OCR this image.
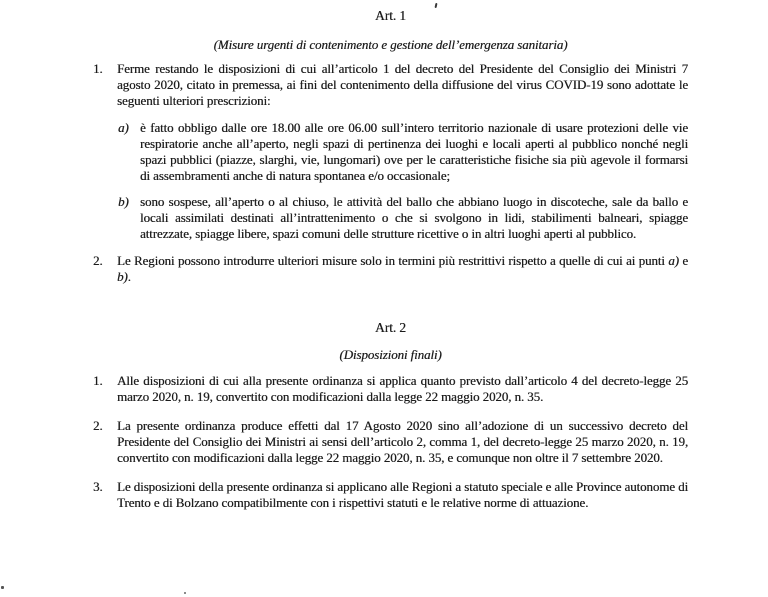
Art. 1

(Misure urgenti di contenimento e gestione dell’emergenza sanitaria)

1. Ferme restando le disposizioni di cui all’articolo 1 del decreto del Presidente del Consiglio dei Ministri 7 agosto 2020, citato in premessa, ai fini del contenimento della diffusione del virus COVID-19 sono adottate le seguenti ulteriori prescrizioni:
a) è fatto obbligo dalle ore 18.00 alle ore 06.00 sull’intero territorio nazionale di usare protezioni delle vie respiratorie anche all’aperto, negli spazi di pertinenza dei luoghi e locali aperti al pubblico nonché negli spazi pubblici (piazze, slarghi, vie, lungomari) ove per le caratteristiche fisiche sia più agevole il formarsi di assembramenti anche di natura spontanea e/o occasionale;
b) sono sospese, all’aperto o al chiuso, le attività del ballo che abbiano luogo in discoteche, sale da ballo e locali assimilati destinati all’intrattenimento o che si svolgono in lidi, stabilimenti balneari, spiagge attrezzate, spiagge libere, spazi comuni delle strutture ricettive o in altri luoghi aperti al pubblico.
2. Le Regioni possono introdurre ulteriori misure solo in termini più restrittivi rispetto a quelle di cui ai punti a) e b).

Art. 2

(Disposizioni finali)

1. Alle disposizioni di cui alla presente ordinanza si applica quanto previsto dall’articolo 4 del decreto-legge 25 marzo 2020, n. 19, convertito con modificazioni dalla legge 22 maggio 2020, n. 35.
2. La presente ordinanza produce effetti dal 17 Agosto 2020 sino all’adozione di un successivo decreto del Presidente del Consiglio dei Ministri ai sensi dell’articolo 2, comma 1, del decreto-legge 25 marzo 2020, n. 19, convertito con modificazioni dalla legge 22 maggio 2020, n. 35, e comunque non oltre il 7 settembre 2020.
3. Le disposizioni della presente ordinanza si applicano alle Regioni a statuto speciale e alle Province autonome di Trento e di Bolzano compatibilmente con i rispettivi statuti e le relative norme di attuazione.
